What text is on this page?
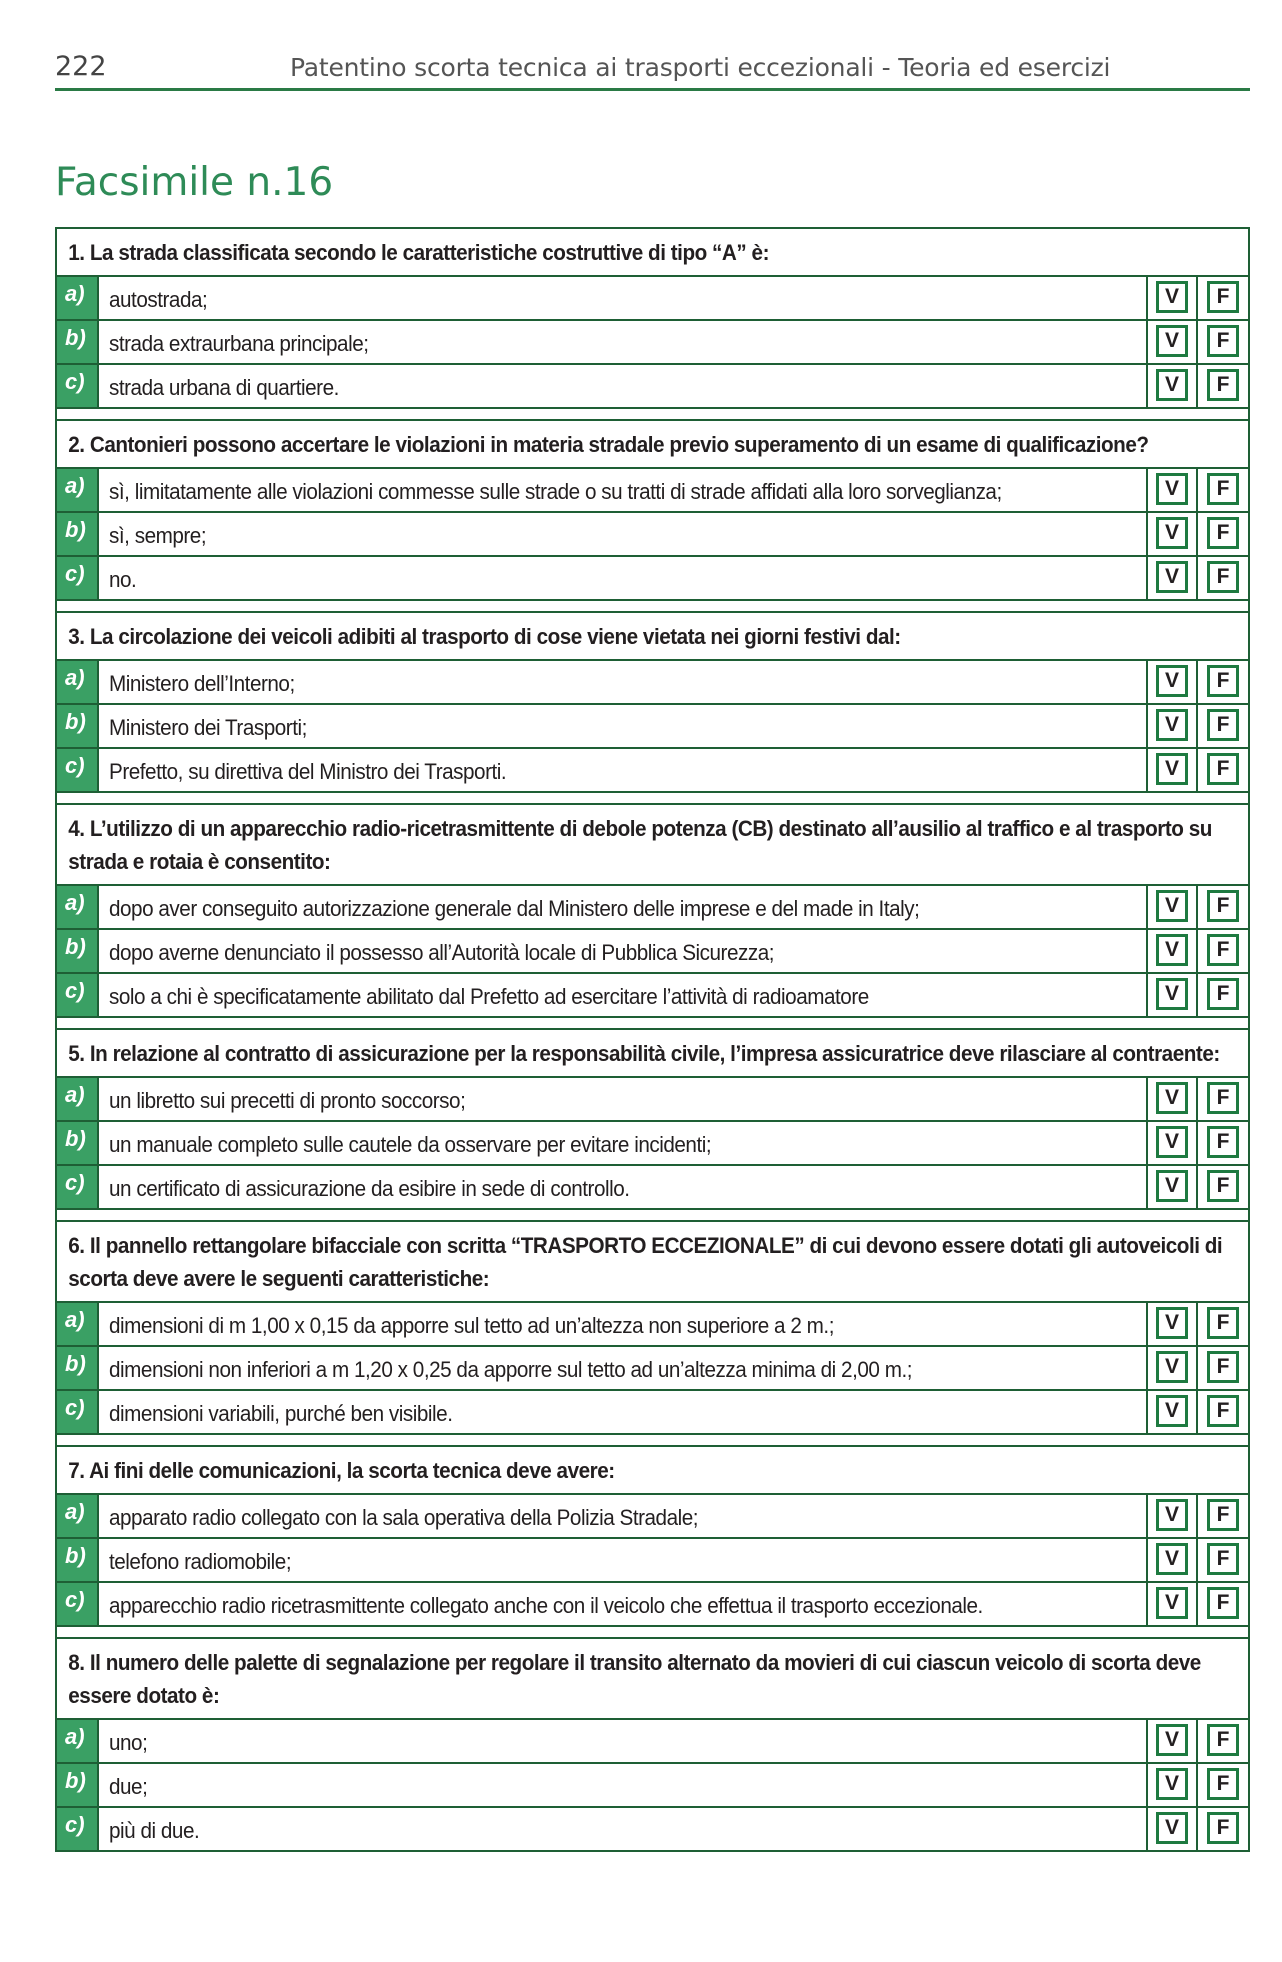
222	Patentino scorta tecnica ai trasporti eccezionali - Teoria ed esercizi
Facsimile n.16
1. La strada classificata secondo le caratteristiche costruttive di tipo “A” è:
a)	autostrada;	V	F
b)	strada extraurbana principale;	V	F
c)	strada urbana di quartiere.	V	F
2. Cantonieri possono accertare le violazioni in materia stradale previo superamento di un esame di qualificazione?
a)	sì, limitatamente alle violazioni commesse sulle strade o su tratti di strade affidati alla loro sorveglianza;	V	F
b)	sì, sempre;	V	F
c)	no.	V	F
3. La circolazione dei veicoli adibiti al trasporto di cose viene vietata nei giorni festivi dal:
a)	Ministero dell’Interno;	V	F
b)	Ministero dei Trasporti;	V	F
c)	Prefetto, su direttiva del Ministro dei Trasporti.	V	F
4. L’utilizzo di un apparecchio radio-ricetrasmittente di debole potenza (CB) destinato all’ausilio al traffico e al trasporto su strada e rotaia è consentito:
a)	dopo aver conseguito autorizzazione generale dal Ministero delle imprese e del made in Italy;	V	F
b)	dopo averne denunciato il possesso all’Autorità locale di Pubblica Sicurezza;	V	F
c)	solo a chi è specificatamente abilitato dal Prefetto ad esercitare l’attività di radioamatore	V	F
5. In relazione al contratto di assicurazione per la responsabilità civile, l’impresa assicuratrice deve rilasciare al contraente:
a)	un libretto sui precetti di pronto soccorso;	V	F
b)	un manuale completo sulle cautele da osservare per evitare incidenti;	V	F
c)	un certificato di assicurazione da esibire in sede di controllo.	V	F
6. Il pannello rettangolare bifacciale con scritta “TRASPORTO ECCEZIONALE” di cui devono essere dotati gli autoveicoli di scorta deve avere le seguenti caratteristiche:
a)	dimensioni di m 1,00 x 0,15 da apporre sul tetto ad un’altezza non superiore a 2 m.;	V	F
b)	dimensioni non inferiori a m 1,20 x 0,25 da apporre sul tetto ad un’altezza minima di 2,00 m.;	V	F
c)	dimensioni variabili, purché ben visibile.	V	F
7. Ai fini delle comunicazioni, la scorta tecnica deve avere:
a)	apparato radio collegato con la sala operativa della Polizia Stradale;	V	F
b)	telefono radiomobile;	V	F
c)	apparecchio radio ricetrasmittente collegato anche con il veicolo che effettua il trasporto eccezionale.	V	F
8. Il numero delle palette di segnalazione per regolare il transito alternato da movieri di cui ciascun veicolo di scorta deve essere dotato è:
a)	uno;	V	F
b)	due;	V	F
c)	più di due.	V	F
